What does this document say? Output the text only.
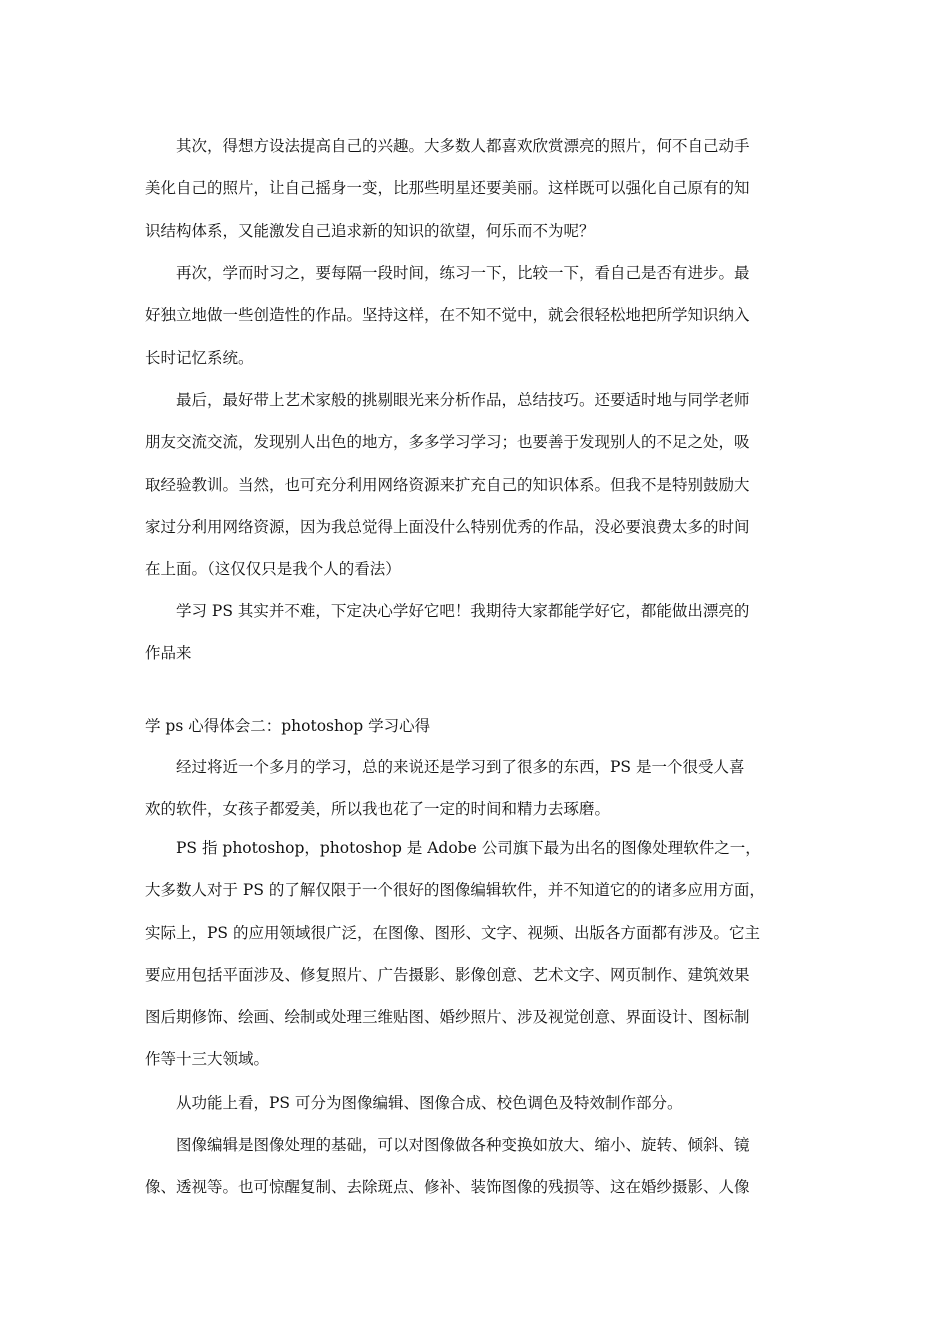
其次，得想方设法提高自己的兴趣。大多数人都喜欢欣赏漂亮的照片，何不自己动手
美化自己的照片，让自己摇身一变，比那些明星还要美丽。这样既可以强化自己原有的知
识结构体系，又能激发自己追求新的知识的欲望，何乐而不为呢？

再次，学而时习之，要每隔一段时间，练习一下，比较一下，看自己是否有进步。最
好独立地做一些创造性的作品。坚持这样，在不知不觉中，就会很轻松地把所学知识纳入
长时记忆系统。

最后，最好带上艺术家般的挑剔眼光来分析作品，总结技巧。还要适时地与同学老师
朋友交流交流，发现别人出色的地方，多多学习学习；也要善于发现别人的不足之处，吸
取经验教训。当然，也可充分利用网络资源来扩充自己的知识体系。但我不是特别鼓励大
家过分利用网络资源，因为我总觉得上面没什么特别优秀的作品，没必要浪费太多的时间
在上面。（这仅仅只是我个人的看法）

学习 PS 其实并不难，下定决心学好它吧！我期待大家都能学好它，都能做出漂亮的
作品来

学 ps 心得体会二：photoshop 学习心得

经过将近一个多月的学习，总的来说还是学习到了很多的东西，PS 是一个很受人喜
欢的软件，女孩子都爱美，所以我也花了一定的时间和精力去琢磨。

PS 指 photoshop，photoshop 是 Adobe 公司旗下最为出名的图像处理软件之一，
大多数人对于 PS 的了解仅限于一个很好的图像编辑软件，并不知道它的的诸多应用方面，
实际上，PS 的应用领域很广泛，在图像、图形、文字、视频、出版各方面都有涉及。它主
要应用包括平面涉及、修复照片、广告摄影、影像创意、艺术文字、网页制作、建筑效果
图后期修饰、绘画、绘制或处理三维贴图、婚纱照片、涉及视觉创意、界面设计、图标制
作等十三大领域。

从功能上看，PS 可分为图像编辑、图像合成、校色调色及特效制作部分。

图像编辑是图像处理的基础，可以对图像做各种变换如放大、缩小、旋转、倾斜、镜
像、透视等。也可惊醒复制、去除斑点、修补、装饰图像的残损等、这在婚纱摄影、人像
